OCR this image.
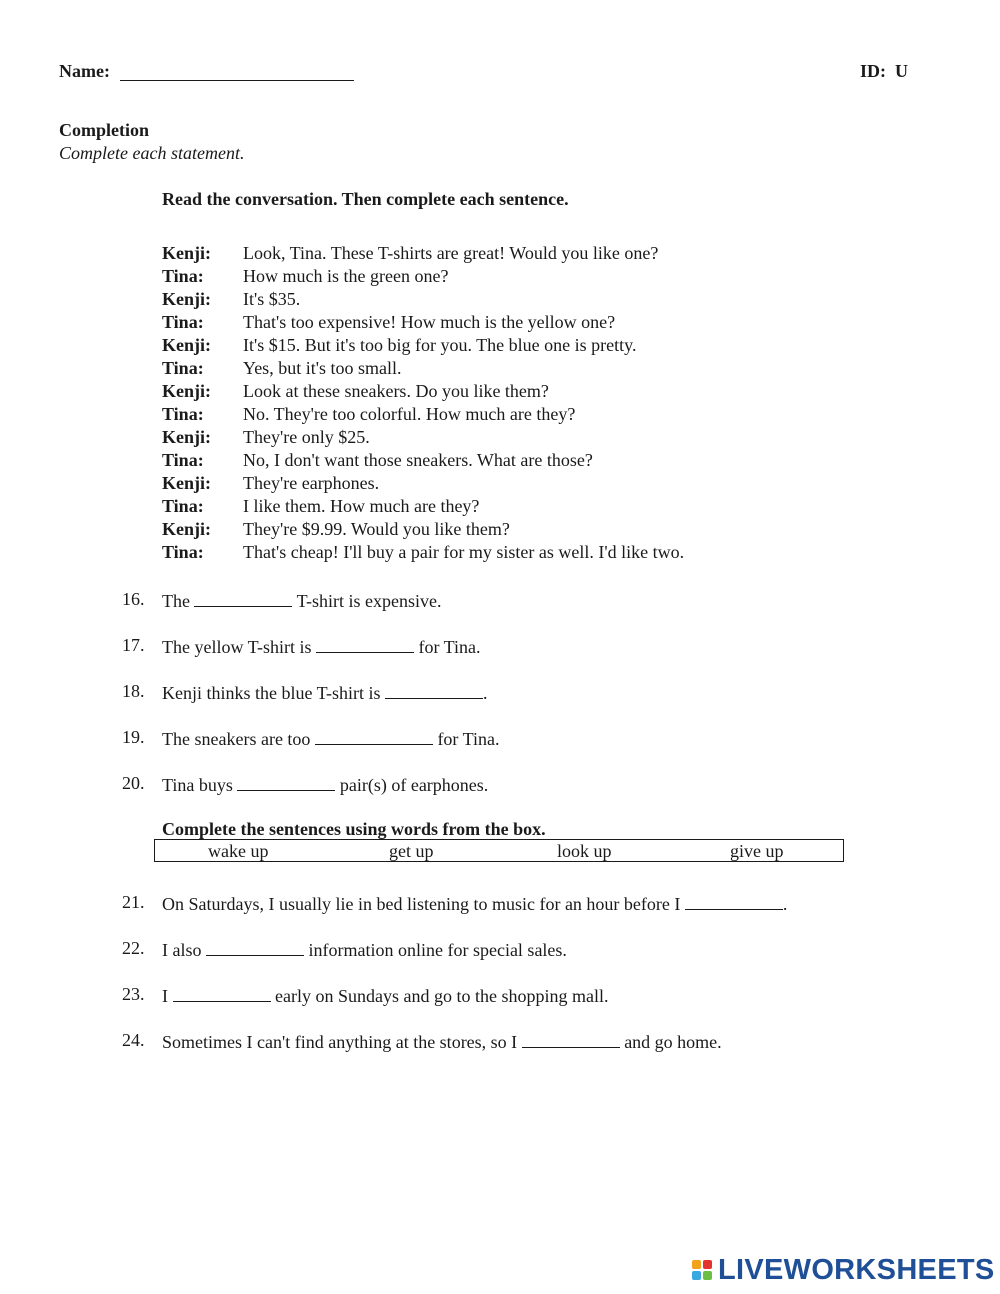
Name:	ID: U
Completion
Complete each statement.
Read the conversation. Then complete each sentence.
Kenji:	Look, Tina. These T-shirts are great! Would you like one?
Tina:	How much is the green one?
Kenji:	It's $35.
Tina:	That's too expensive! How much is the yellow one?
Kenji:	It's $15. But it's too big for you. The blue one is pretty.
Tina:	Yes, but it's too small.
Kenji:	Look at these sneakers. Do you like them?
Tina:	No. They're too colorful. How much are they?
Kenji:	They're only $25.
Tina:	No, I don't want those sneakers. What are those?
Kenji:	They're earphones.
Tina:	I like them. How much are they?
Kenji:	They're $9.99. Would you like them?
Tina:	That's cheap! I'll buy a pair for my sister as well. I'd like two.
16. The	T-shirt is expensive.
17. The yellow T-shirt is	for Tina.
18. Kenji thinks the blue T-shirt is	.
19. The sneakers are too	for Tina.
20. Tina buys	pair(s) of earphones.
Complete the sentences using words from the box.
wake up	get up	look up	give up
21. On Saturdays, I usually lie in bed listening to music for an hour before I	.
22. I also	information online for special sales.
23. I	early on Sundays and go to the shopping mall.
24. Sometimes I can't find anything at the stores, so I	and go home.
LIVEWORKSHEETS
